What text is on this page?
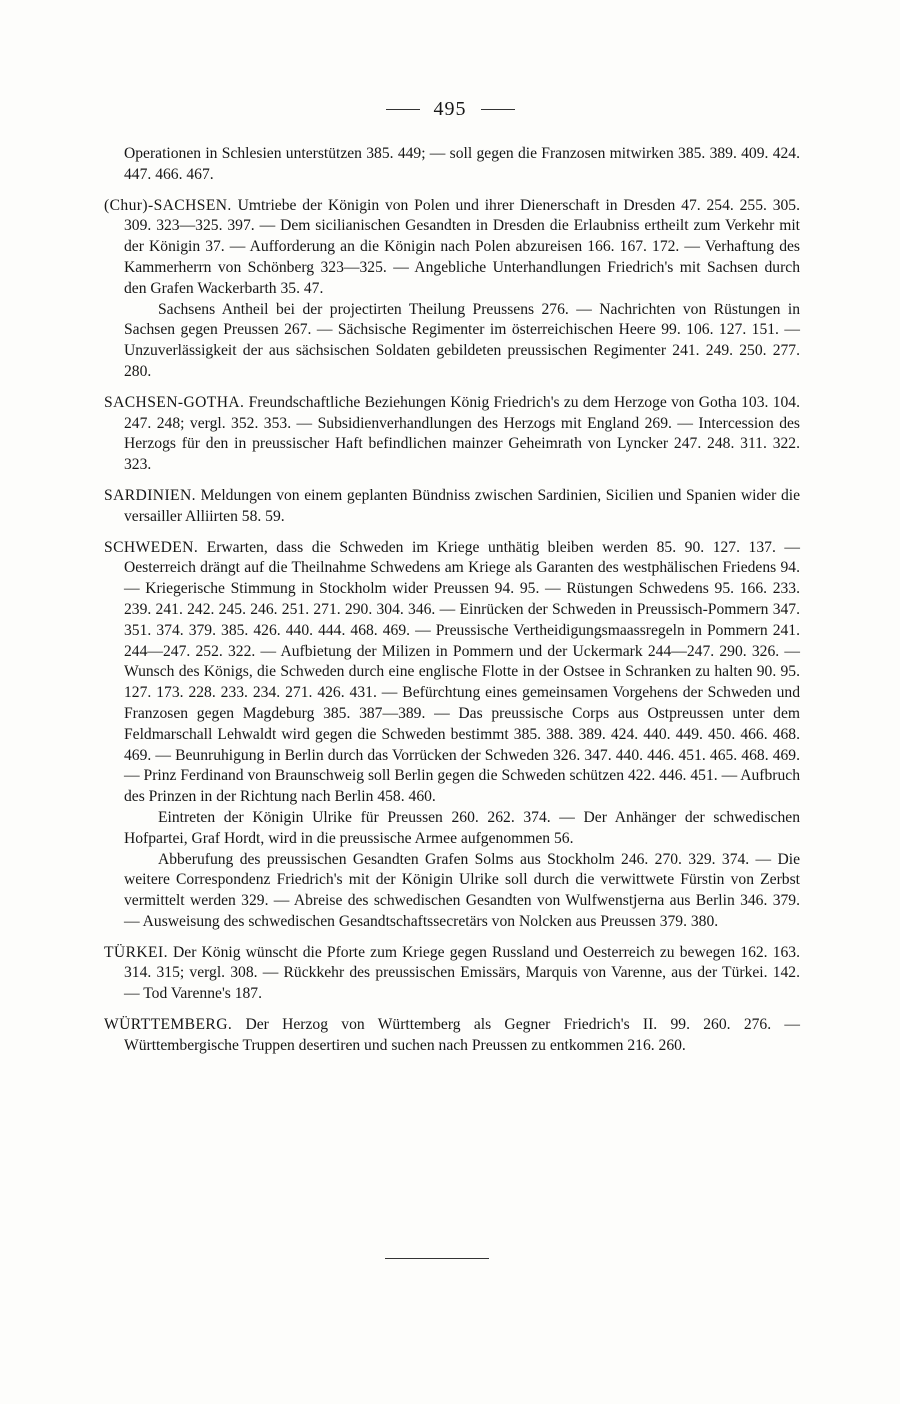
495

Operationen in Schlesien unterstützen 385. 449; — soll gegen die Franzosen mitwirken 385. 389. 409. 424. 447. 466. 467.

(Chur)-SACHSEN. Umtriebe der Königin von Polen und ihrer Dienerschaft in Dresden 47. 254. 255. 305. 309. 323—325. 397. — Dem sicilianischen Gesandten in Dresden die Erlaubniss ertheilt zum Verkehr mit der Königin 37. — Aufforderung an die Königin nach Polen abzureisen 166. 167. 172. — Verhaftung des Kammerherrn von Schönberg 323—325. — Angebliche Unterhandlungen Friedrich's mit Sachsen durch den Grafen Wackerbarth 35. 47.

Sachsens Antheil bei der projectirten Theilung Preussens 276. — Nachrichten von Rüstungen in Sachsen gegen Preussen 267. — Sächsische Regimenter im österreichischen Heere 99. 106. 127. 151. — Unzuverlässigkeit der aus sächsischen Soldaten gebildeten preussischen Regimenter 241. 249. 250. 277. 280.

SACHSEN-GOTHA. Freundschaftliche Beziehungen König Friedrich's zu dem Herzoge von Gotha 103. 104. 247. 248; vergl. 352. 353. — Subsidienverhandlungen des Herzogs mit England 269. — Intercession des Herzogs für den in preussischer Haft befindlichen mainzer Geheimrath von Lyncker 247. 248. 311. 322. 323.

SARDINIEN. Meldungen von einem geplanten Bündniss zwischen Sardinien, Sicilien und Spanien wider die versailler Alliirten 58. 59.

SCHWEDEN. Erwarten, dass die Schweden im Kriege unthätig bleiben werden 85. 90. 127. 137. — Oesterreich drängt auf die Theilnahme Schwedens am Kriege als Garanten des westphälischen Friedens 94. — Kriegerische Stimmung in Stockholm wider Preussen 94. 95. — Rüstungen Schwedens 95. 166. 233. 239. 241. 242. 245. 246. 251. 271. 290. 304. 346. — Einrücken der Schweden in Preussisch-Pommern 347. 351. 374. 379. 385. 426. 440. 444. 468. 469. — Preussische Vertheidigungsmaassregeln in Pommern 241. 244—247. 252. 322. — Aufbietung der Milizen in Pommern und der Uckermark 244—247. 290. 326. — Wunsch des Königs, die Schweden durch eine englische Flotte in der Ostsee in Schranken zu halten 90. 95. 127. 173. 228. 233. 234. 271. 426. 431. — Befürchtung eines gemeinsamen Vorgehens der Schweden und Franzosen gegen Magdeburg 385. 387—389. — Das preussische Corps aus Ostpreussen unter dem Feldmarschall Lehwaldt wird gegen die Schweden bestimmt 385. 388. 389. 424. 440. 449. 450. 466. 468. 469. — Beunruhigung in Berlin durch das Vorrücken der Schweden 326. 347. 440. 446. 451. 465. 468. 469. — Prinz Ferdinand von Braunschweig soll Berlin gegen die Schweden schützen 422. 446. 451. — Aufbruch des Prinzen in der Richtung nach Berlin 458. 460.

Eintreten der Königin Ulrike für Preussen 260. 262. 374. — Der Anhänger der schwedischen Hofpartei, Graf Hordt, wird in die preussische Armee aufgenommen 56.

Abberufung des preussischen Gesandten Grafen Solms aus Stockholm 246. 270. 329. 374. — Die weitere Correspondenz Friedrich's mit der Königin Ulrike soll durch die verwittwete Fürstin von Zerbst vermittelt werden 329. — Abreise des schwedischen Gesandten von Wulfwenstjerna aus Berlin 346. 379. — Ausweisung des schwedischen Gesandtschaftssecretärs von Nolcken aus Preussen 379. 380.

TÜRKEI. Der König wünscht die Pforte zum Kriege gegen Russland und Oesterreich zu bewegen 162. 163. 314. 315; vergl. 308. — Rückkehr des preussischen Emissärs, Marquis von Varenne, aus der Türkei. 142. — Tod Varenne's 187.

WÜRTTEMBERG. Der Herzog von Württemberg als Gegner Friedrich's II. 99. 260. 276. — Württembergische Truppen desertiren und suchen nach Preussen zu entkommen 216. 260.
